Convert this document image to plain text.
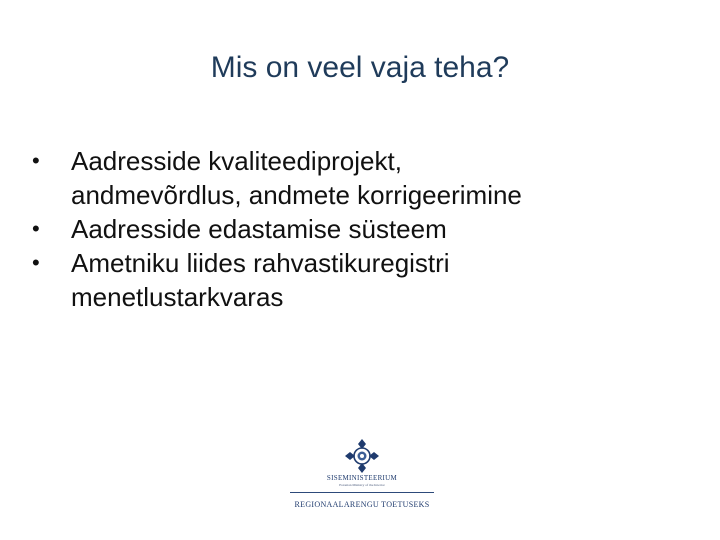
Mis on veel vaja teha?
•	Aadresside kvaliteediprojekt,
andmevõrdlus, andmete korrigeerimine
•	Aadresside edastamise süsteem
•	Ametniku liides rahvastikuregistri
menetlustarkvaras
SISEMINISTEERIUM
Estonian Ministry of the Interior
REGIONAALARENGU TOETUSEKS
